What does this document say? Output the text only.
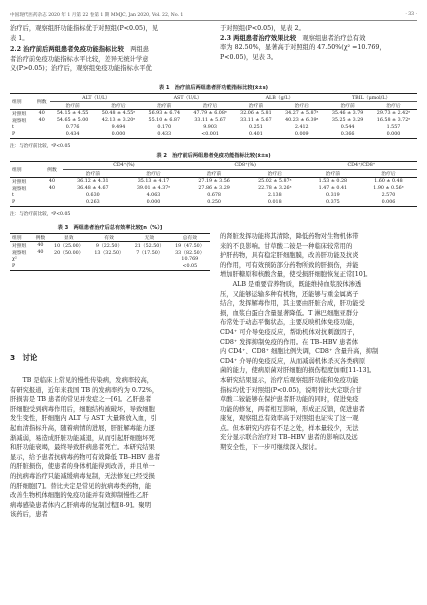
中国现代医药杂志 2020 年 1 月第 22 卷第 1 期 MMJC, Jan 2020, Vol. 22, No. 1	· 33 ·
治疗后，观察组肝功能指标优于对照组(P<0.05)，见
表 1。
2.2 治疗前后两组患者免疫功能指标比较　 两组患
者治疗前免疫功能指标水平比较，差异无统计学意
义(P>0.05)；治疗后，观察组免疫功能指标水平优
于对照组(P<0.05)，见表 2。
2.3 两组患者治疗效果比较　 观察组患者治疗总有效
率为 82.50%，显著高于对照组的 47.50%(χ² =10.769，
P<0.05)，见表 3。
表 1　治疗前后两组患者肝功能指标比较(x̄±s)
组别	例数	ALT（U/L）		AST（U/L）		ALB（g/L）		TBIL（μmol/L）	
		治疗前	治疗后	治疗前	治疗后	治疗前	治疗后	治疗前	治疗后
对照组	40	54.15 ± 4.55	50.48 ± 4.55ᵃ	56.93 ± 6.74	47.79 ± 6.08ᵃ	32.06 ± 5.81	34.27 ± 5.87ᵃ	35.46 ± 3.79	29.73 ± 2.42ᵃ
观察组	40	54.65 ± 5.00	42.13 ± 3.20ᵃ	55.10 ± 6.87	33.11 ± 5.67	33.11 ± 5.67	40.23 ± 6.39ᵃ	35.25 ± 3.29	16.58 ± 3.72ᵃ
t		0.776	9.494	0.170	9.903	0.251	2.412	0.544	1.557
P		0.434	0.000	0.433	<0.001	0.401	0.009	0.366	0.000
注：与治疗前比较，ᵃP<0.05
表 2　治疗前后两组患者免疫功能指标比较(x̄±s)
组别	例数	CD4⁺(%)		CD8⁺(%)		CD4⁺/CD8⁺	
		治疗前	治疗后	治疗前	治疗后	治疗前	治疗后
对照组	40	36.12 ± 4.31	35.13 ± 4.17	27.19 ± 3.56	25.02 ± 5.87ᵃ	1.53 ± 0.28	1.60 ± 0.48
观察组	40	36.48 ± 4.67	39.01 ± 4.37ᵃ	27.86 ± 3.29	22.78 ± 3.26ᵃ	1.47 ± 0.41	1.90 ± 0.56ᵃ
t		0.630	4.063	0.678	2.138	0.319	2.570
P		0.263	0.000	0.250	0.018	0.375	0.006
注：与治疗前比较，ᵃP<0.05
表 3　两组患者治疗后总有效率比较[n（%）]
组别	例数	显效	有效	无效	总有效
对照组	40	10（25.00）	9（22.50）	21（52.50）	19（47.50）
观察组	40	20（50.00）	13（32.50）	7（17.50）	33（82.50）
χ²					10.769
P					<0.05
3　讨论
　　TB 是临床上常见的慢性传染病，发病率较高，
有研究报道，近年来我国 TB 的发病率约为 0.72%，
肝损害是 TB 患者的常见并发症之一[6]。乙肝患者
肝细胞受到病毒作用后，细胞结构被破坏，导致细胞
发生变性，肝细胞内 ALT 与 AST 大量释放入血，引
起血清指标升高，随着病情的进展，肝脏解毒能力逐
渐减弱，易造成肝脏功能减退，从而引起肝细胞坏死
和肝功能衰竭，最终导致肝病患者死亡。本研究结果
显示，给予患者抗病毒药物可有效降低 TB–HBV 患者
的肝脏损伤，使患者的身体机能得到改善，并且单一
的抗病毒治疗只能减缓病毒复制，无法修复已经受损
的肝细胞[7]。替比夫定是常见的抗病毒类药物，能
改善生物机体细胞的免疫功能并有效抑制慢性乙肝
病毒感染患者体内乙肝病毒的复制过程[8-9]。聚明
该药后，患者
的肾脏发挥功能将其清除，降低药物对生物机体带
来的不良影响。甘草酸二铵是一种临床较常用的
护肝药物，具有稳定肝细胞膜，改善肝功能及抗炎
的作用，可有效预防部分药物所致的肝损伤，并能
增加肝糖原和核酸含量，使受损肝细胞恢复正常[10]。
　　ALB 是重要营养物质，既能维持血浆胶体渗透
压，又能够运输多种有机物，还能够与重金属离子
结合，发挥解毒作用，其主要由肝脏合成，肝功能受
损，血浆白蛋白含量显著降低。T 淋巴细胞亚群分
布常处于动态平衡状态，主要反映机体免疫功能，
CD4⁺ 可介导免疫反应，帮助机体对抗刺激因子，
CD8⁺ 发挥抑制免疫的作用。在 TB–HBV 患者体
内 CD4⁺、CD8⁺ 细胞比例失调，CD8⁺ 含量升高，抑制
CD4⁺ 介导的免疫反应，从而减弱机体杀灭各类病原
菌的能力，使病原菌对肝细胞的损伤程度加重[11-13]。
本研究结果显示，治疗后观察组肝功能和免疫功能
指标均优于对照组(P<0.05)，说明替比夫定联合甘
草酸二铵能够在保护患者肝功能的同时，促进免疫
功能的修复，两者相互影响，形成正反馈，促进患者
康复，观察组总有效率高于对照组也证实了这一观
点。但本研究内容有不足之处，样本量较少，无法
充分显示联合治疗对 TB–HBV 患者的影响以及远
期安全性，下一步可继续深入探讨。
